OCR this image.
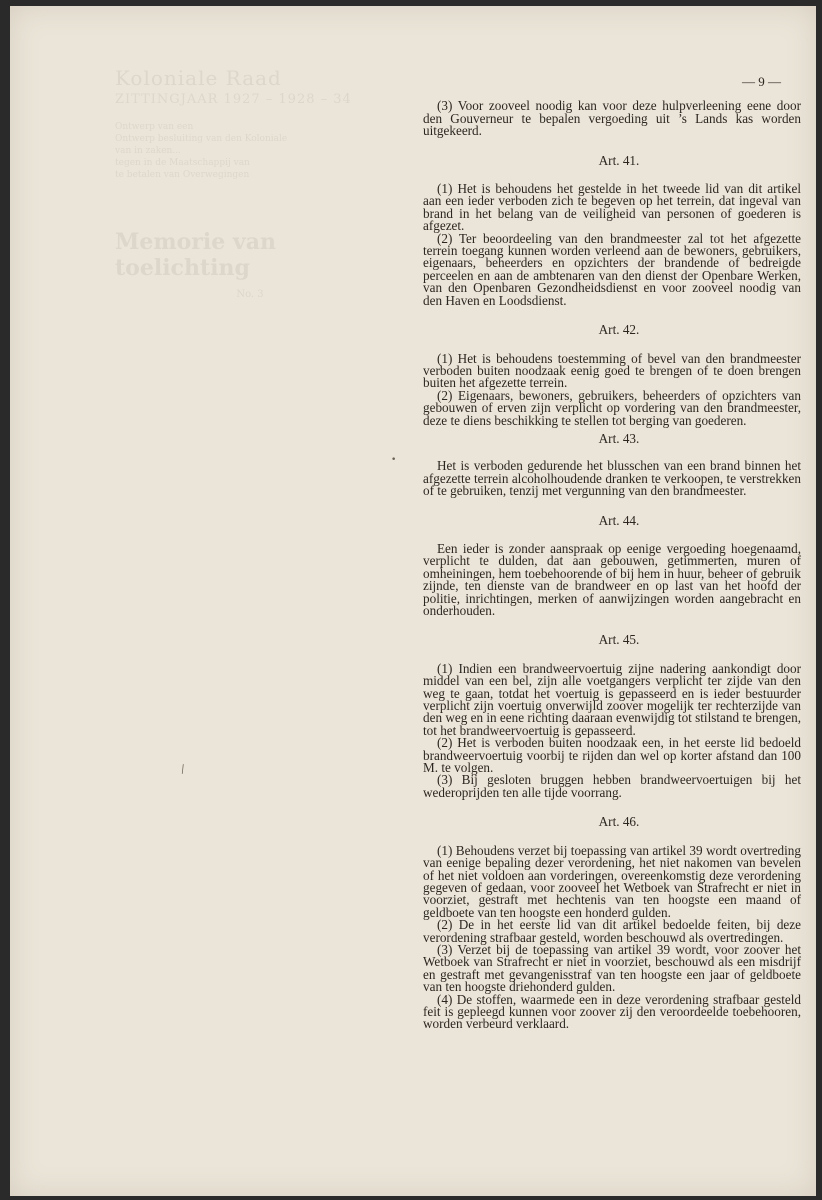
Koloniale Raad
ZITTINGJAAR 1927 – 1928 – 34
Ontwerp van een
Ontwerp besluiting van den Koloniale
van in zaken...
tegen in de Maatschappij van
te betalen van Overwegingen
Memorie van toelichting
No. 3
— 9 —

(3) Voor zooveel noodig kan voor deze hulpverleening eene door den Gouverneur te bepalen vergoeding uit ’s Lands kas worden uitgekeerd.

Art. 41.

(1) Het is behoudens het gestelde in het tweede lid van dit artikel aan een ieder verboden zich te begeven op het terrein, dat ingeval van brand in het belang van de veiligheid van personen of goederen is afgezet.

(2) Ter beoordeeling van den brandmeester zal tot het afgezette terrein toegang kunnen worden verleend aan de bewoners, gebruikers, eigenaars, beheerders en opzichters der brandende of bedreigde perceelen en aan de ambtenaren van den dienst der Openbare Werken, van den Openbaren Gezondheidsdienst en voor zooveel noodig van den Haven en Loodsdienst.

Art. 42.

(1) Het is behoudens toestemming of bevel van den brandmeester verboden buiten noodzaak eenig goed te brengen of te doen brengen buiten het afgezette terrein.

(2) Eigenaars, bewoners, gebruikers, beheerders of opzichters van gebouwen of erven zijn verplicht op vordering van den brandmeester, deze te diens beschikking te stellen tot berging van goederen.

Art. 43.

Het is verboden gedurende het blusschen van een brand binnen het afgezette terrein alcoholhoudende dranken te verkoopen, te verstrekken of te gebruiken, tenzij met vergunning van den brandmeester.

Art. 44.

Een ieder is zonder aanspraak op eenige vergoeding hoegenaamd, verplicht te dulden, dat aan gebouwen, getimmerten, muren of omheiningen, hem toebehoorende of bij hem in huur, beheer of gebruik zijnde, ten dienste van de brandweer en op last van het hoofd der politie, inrichtingen, merken of aanwijzingen worden aangebracht en onderhouden.

Art. 45.

(1) Indien een brandweervoertuig zijne nadering aankondigt door middel van een bel, zijn alle voetgangers verplicht ter zijde van den weg te gaan, totdat het voertuig is gepasseerd en is ieder bestuurder verplicht zijn voertuig onverwijld zoover mogelijk ter rechterzijde van den weg en in eene richting daaraan evenwijdig tot stilstand te brengen, tot het brandweervoertuig is gepasseerd.

(2) Het is verboden buiten noodzaak een, in het eerste lid bedoeld brandweervoertuig voorbij te rijden dan wel op korter afstand dan 100 M. te volgen.

(3) Bij gesloten bruggen hebben brandweervoertuigen bij het wederoprijden ten alle tijde voorrang.

Art. 46.

(1) Behoudens verzet bij toepassing van artikel 39 wordt overtreding van eenige bepaling dezer verordening, het niet nakomen van bevelen of het niet voldoen aan vorderingen, overeenkomstig deze verordening gegeven of gedaan, voor zooveel het Wetboek van Strafrecht er niet in voorziet, gestraft met hechtenis van ten hoogste een maand of geldboete van ten hoogste een honderd gulden.

(2) De in het eerste lid van dit artikel bedoelde feiten, bij deze verordening strafbaar gesteld, worden beschouwd als overtredingen.

(3) Verzet bij de toepassing van artikel 39 wordt, voor zoover het Wetboek van Strafrecht er niet in voorziet, beschouwd als een misdrijf en gestraft met gevangenisstraf van ten hoogste een jaar of geldboete van ten hoogste driehonderd gulden.

(4) De stoffen, waarmede een in deze verordening strafbaar gesteld feit is gepleegd kunnen voor zoover zij den veroordeelde toebehooren, worden verbeurd verklaard.

•
⁄
